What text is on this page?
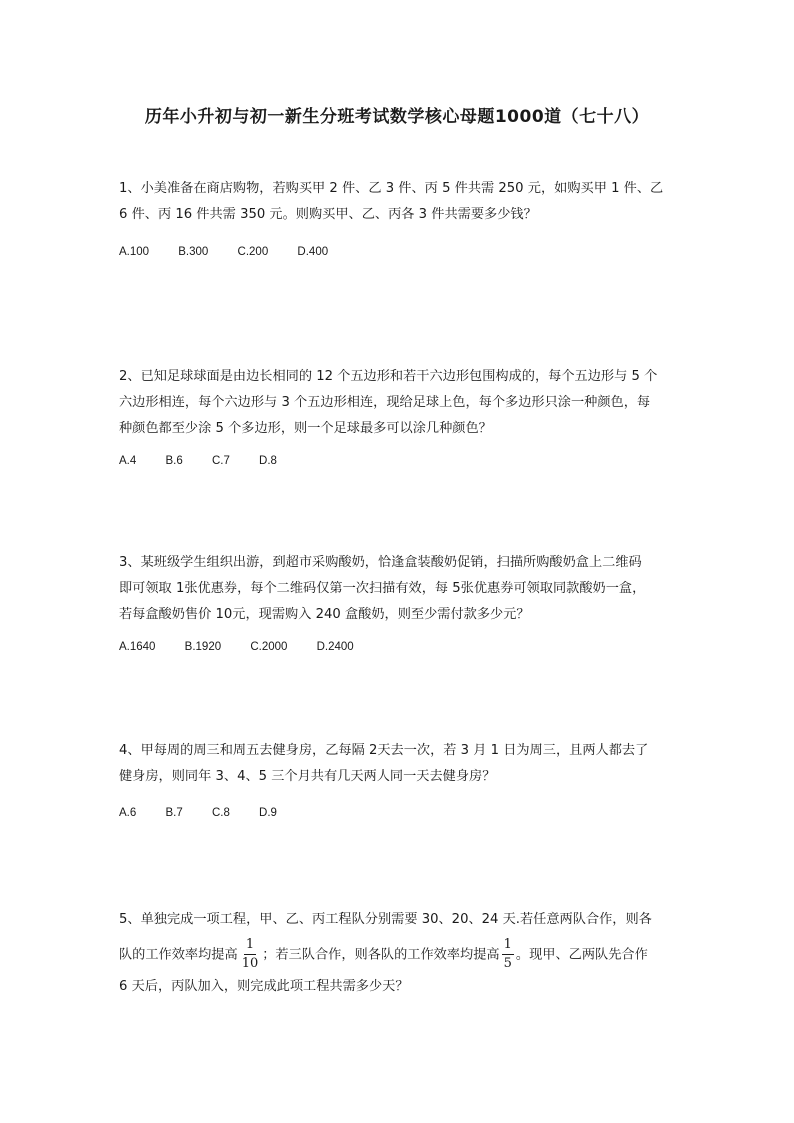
历年小升初与初一新生分班考试数学核心母题1000道（七十八）

1、小美准备在商店购物，若购买甲 2 件、乙 3 件、丙 5 件共需 250 元，如购买甲 1 件、乙

6 件、丙 16 件共需 350 元。则购买甲、乙、丙各 3 件共需要多少钱？

A.100	B.300	C.200	D.400

2、已知足球球面是由边长相同的 12 个五边形和若干六边形包围构成的，每个五边形与 5 个

六边形相连，每个六边形与 3 个五边形相连，现给足球上色，每个多边形只涂一种颜色，每

种颜色都至少涂 5 个多边形，则一个足球最多可以涂几种颜色？

A.4	B.6	C.7	D.8

3、某班级学生组织出游，到超市采购酸奶，恰逢盒装酸奶促销，扫描所购酸奶盒上二维码

即可领取 1张优惠券，每个二维码仅第一次扫描有效，每 5张优惠券可领取同款酸奶一盒，

若每盒酸奶售价 10元，现需购入 240 盒酸奶，则至少需付款多少元？

A.1640	B.1920	C.2000	D.2400

4、甲每周的周三和周五去健身房，乙每隔 2天去一次，若 3 月 1 日为周三，且两人都去了

健身房，则同年 3、4、5 三个月共有几天两人同一天去健身房？

A.6	B.7	C.8	D.9

5、单独完成一项工程，甲、乙、丙工程队分别需要 30、20、24 天.若任意两队合作，则各

队的工作效率均提高 $\frac{1}{10}$ ；若三队合作，则各队的工作效率均提高 $\frac{1}{5}$ 。现甲、乙两队先合作

6 天后，丙队加入，则完成此项工程共需多少天？
